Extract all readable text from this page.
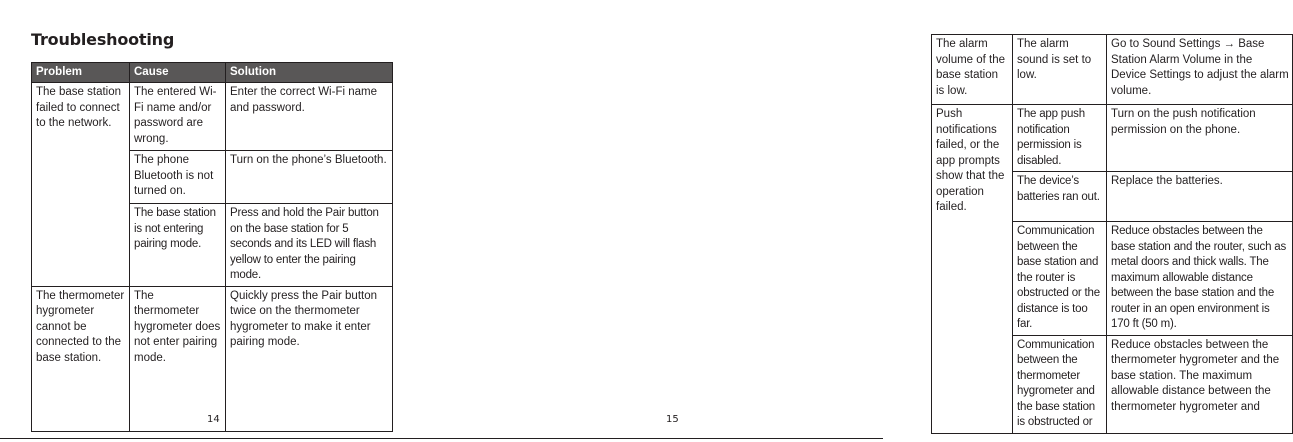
Troubleshooting
Problem	Cause	Solution
The base station failed to connect to the network.	The entered Wi-Fi name and/or password are wrong.	Enter the correct Wi-Fi name and password.
	The phone Bluetooth is not turned on.	Turn on the phone’s Bluetooth.
	The base station is not entering pairing mode.	Press and hold the Pair button on the base station for 5 seconds and its LED will flash yellow to enter the pairing mode.
The thermometer hygrometer cannot be connected to the base station.	The thermometer hygrometer does not enter pairing mode.	Quickly press the Pair button twice on the thermometer hygrometer to make it enter pairing mode.
14
The alarm volume of the base station is low.	The alarm sound is set to low.	Go to Sound Settings → Base Station Alarm Volume in the Device Settings to adjust the alarm volume.
Push notifications failed, or the app prompts show that the operation failed.	The app push notification permission is disabled.	Turn on the push notification permission on the phone.
	The device’s batteries ran out.	Replace the batteries.
	Communication between the base station and the router is obstructed or the distance is too far.	Reduce obstacles between the base station and the router, such as metal doors and thick walls. The maximum allowable distance between the base station and the router in an open environment is 170 ft (50 m).
	Communication between the thermometer hygrometer and the base station is obstructed or	Reduce obstacles between the thermometer hygrometer and the base station. The maximum allowable distance between the thermometer hygrometer and
15
